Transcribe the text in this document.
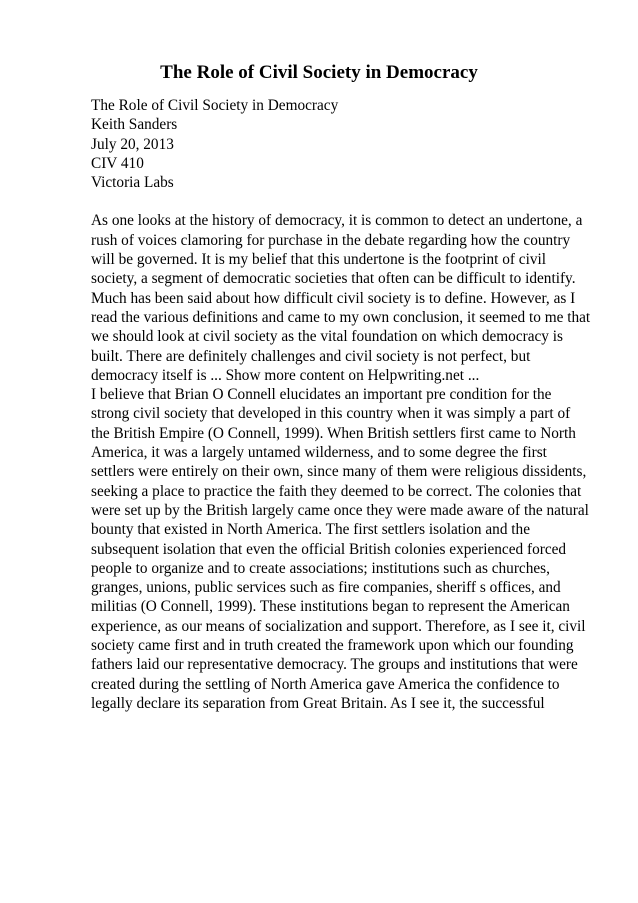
The Role of Civil Society in Democracy
The Role of Civil Society in Democracy
Keith Sanders
July 20, 2013
CIV 410
Victoria Labs

As one looks at the history of democracy, it is common to detect an undertone, a rush of voices clamoring for purchase in the debate regarding how the country will be governed. It is my belief that this undertone is the footprint of civil society, a segment of democratic societies that often can be difficult to identify. Much has been said about how difficult civil society is to define. However, as I read the various definitions and came to my own conclusion, it seemed to me that we should look at civil society as the vital foundation on which democracy is built. There are definitely challenges and civil society is not perfect, but democracy itself is ... Show more content on Helpwriting.net ...

I believe that Brian O Connell elucidates an important pre condition for the strong civil society that developed in this country when it was simply a part of the British Empire (O Connell, 1999). When British settlers first came to North America, it was a largely untamed wilderness, and to some degree the first settlers were entirely on their own, since many of them were religious dissidents, seeking a place to practice the faith they deemed to be correct. The colonies that were set up by the British largely came once they were made aware of the natural bounty that existed in North America. The first settlers isolation and the subsequent isolation that even the official British colonies experienced forced people to organize and to create associations; institutions such as churches, granges, unions, public services such as fire companies, sheriff s offices, and militias (O Connell, 1999). These institutions began to represent the American experience, as our means of socialization and support. Therefore, as I see it, civil society came first and in truth created the framework upon which our founding fathers laid our representative democracy. The groups and institutions that were created during the settling of North America gave America the confidence to legally declare its separation from Great Britain. As I see it, the successful
